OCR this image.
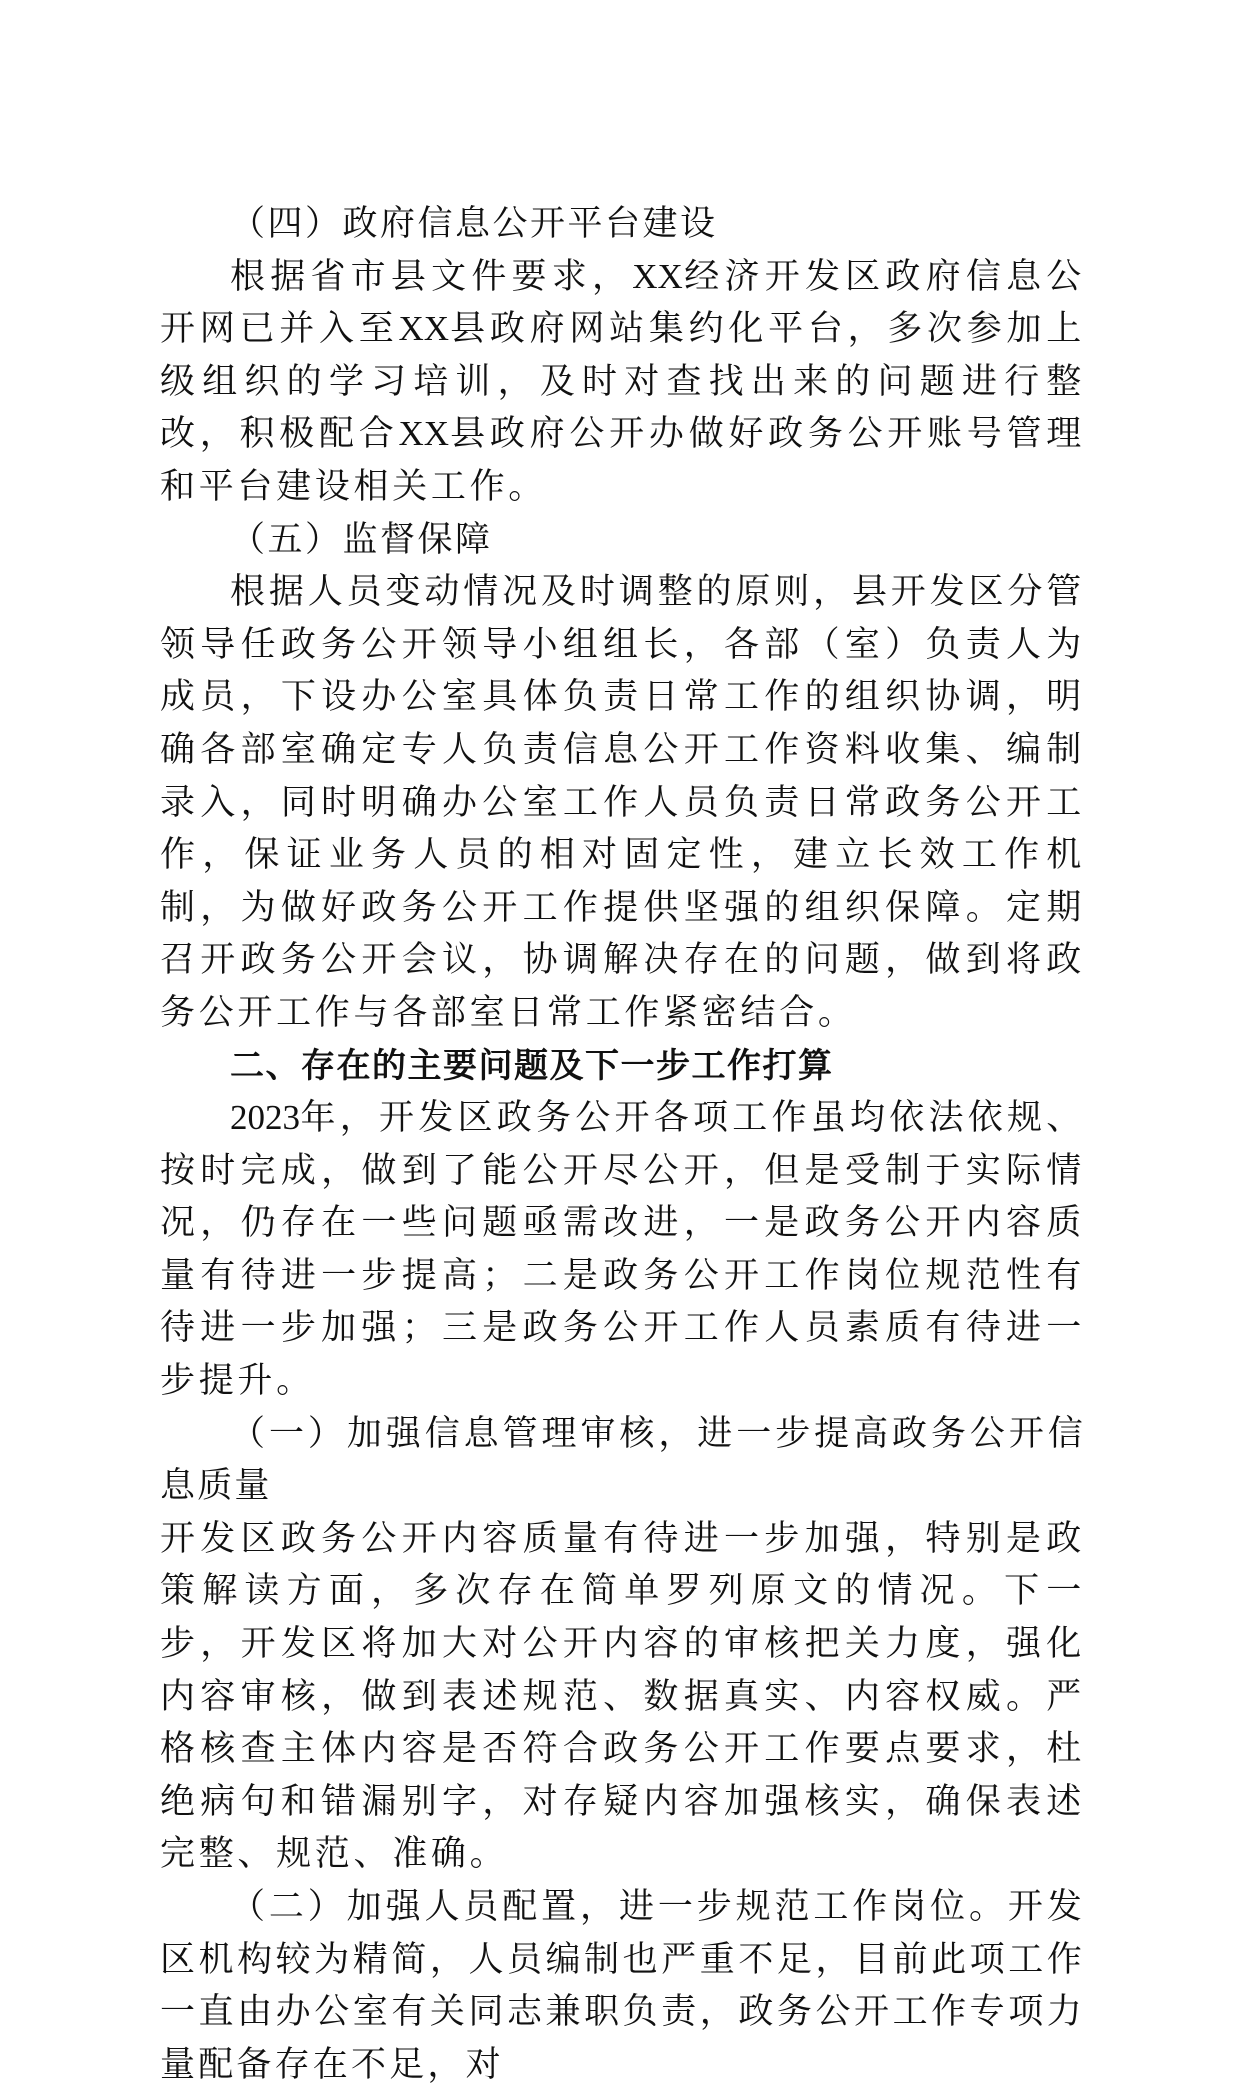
（四）政府信息公开平台建设

根据省市县文件要求，XX经济开发区政府信息公开网已并入至XX县政府网站集约化平台，多次参加上级组织的学习培训，及时对查找出来的问题进行整改，积极配合XX县政府公开办做好政务公开账号管理和平台建设相关工作。

（五）监督保障

根据人员变动情况及时调整的原则，县开发区分管领导任政务公开领导小组组长，各部（室）负责人为成员，下设办公室具体负责日常工作的组织协调，明确各部室确定专人负责信息公开工作资料收集、编制录入，同时明确办公室工作人员负责日常政务公开工作，保证业务人员的相对固定性，建立长效工作机制，为做好政务公开工作提供坚强的组织保障。定期召开政务公开会议，协调解决存在的问题，做到将政务公开工作与各部室日常工作紧密结合。

二、存在的主要问题及下一步工作打算

2023年，开发区政务公开各项工作虽均依法依规、按时完成，做到了能公开尽公开，但是受制于实际情况，仍存在一些问题亟需改进，一是政务公开内容质量有待进一步提高；二是政务公开工作岗位规范性有待进一步加强；三是政务公开工作人员素质有待进一步提升。

（一）加强信息管理审核，进一步提高政务公开信息质量

开发区政务公开内容质量有待进一步加强，特别是政策解读方面，多次存在简单罗列原文的情况。下一步，开发区将加大对公开内容的审核把关力度，强化内容审核，做到表述规范、数据真实、内容权威。严格核查主体内容是否符合政务公开工作要点要求，杜绝病句和错漏别字，对存疑内容加强核实，确保表述完整、规范、准确。

（二）加强人员配置，进一步规范工作岗位。开发区机构较为精简，人员编制也严重不足，目前此项工作一直由办公室有关同志兼职负责，政务公开工作专项力量配备存在不足，对
